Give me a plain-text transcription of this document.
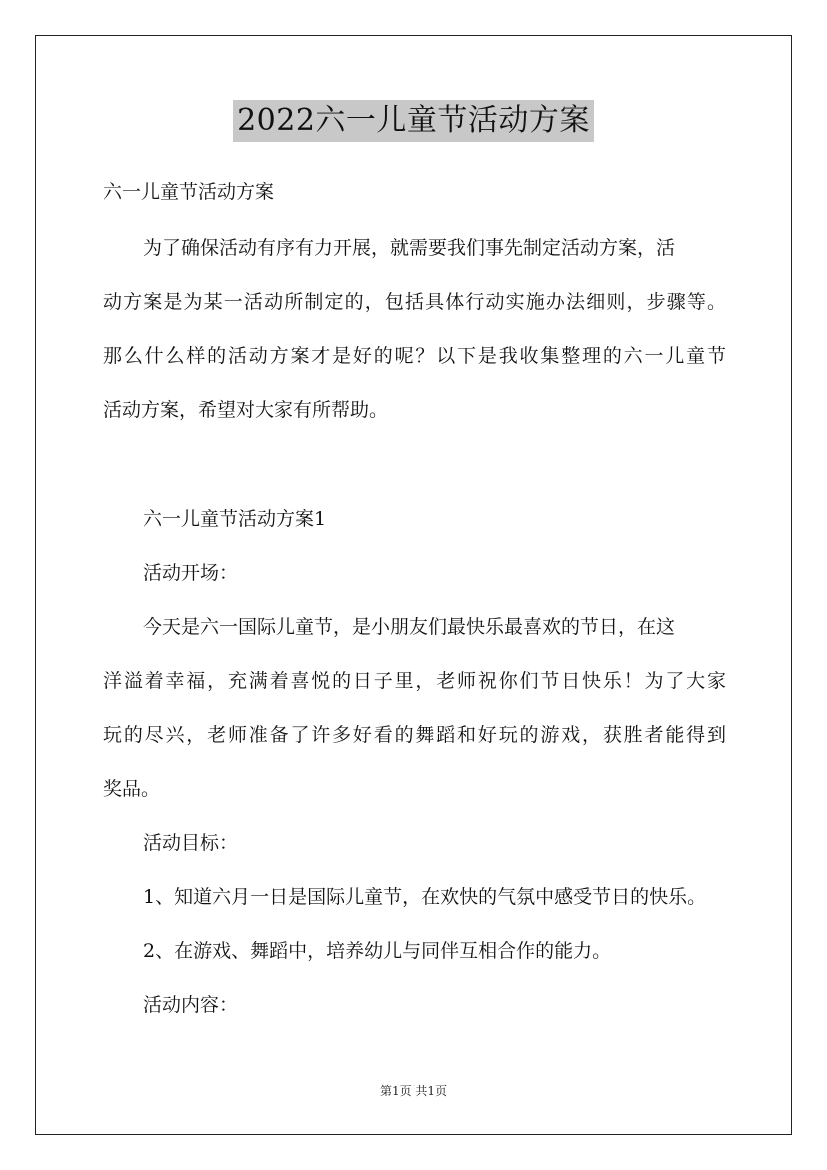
2022六一儿童节活动方案
六一儿童节活动方案
为了确保活动有序有力开展，就需要我们事先制定活动方案，活
动方案是为某一活动所制定的，包括具体行动实施办法细则，步骤等。
那么什么样的活动方案才是好的呢？以下是我收集整理的六一儿童节
活动方案，希望对大家有所帮助。
六一儿童节活动方案1
活动开场：
今天是六一国际儿童节，是小朋友们最快乐最喜欢的节日，在这
洋溢着幸福，充满着喜悦的日子里，老师祝你们节日快乐！为了大家
玩的尽兴，老师准备了许多好看的舞蹈和好玩的游戏，获胜者能得到
奖品。
活动目标：
1、知道六月一日是国际儿童节，在欢快的气氛中感受节日的快乐。
2、在游戏、舞蹈中，培养幼儿与同伴互相合作的能力。
活动内容：
第1页 共1页
